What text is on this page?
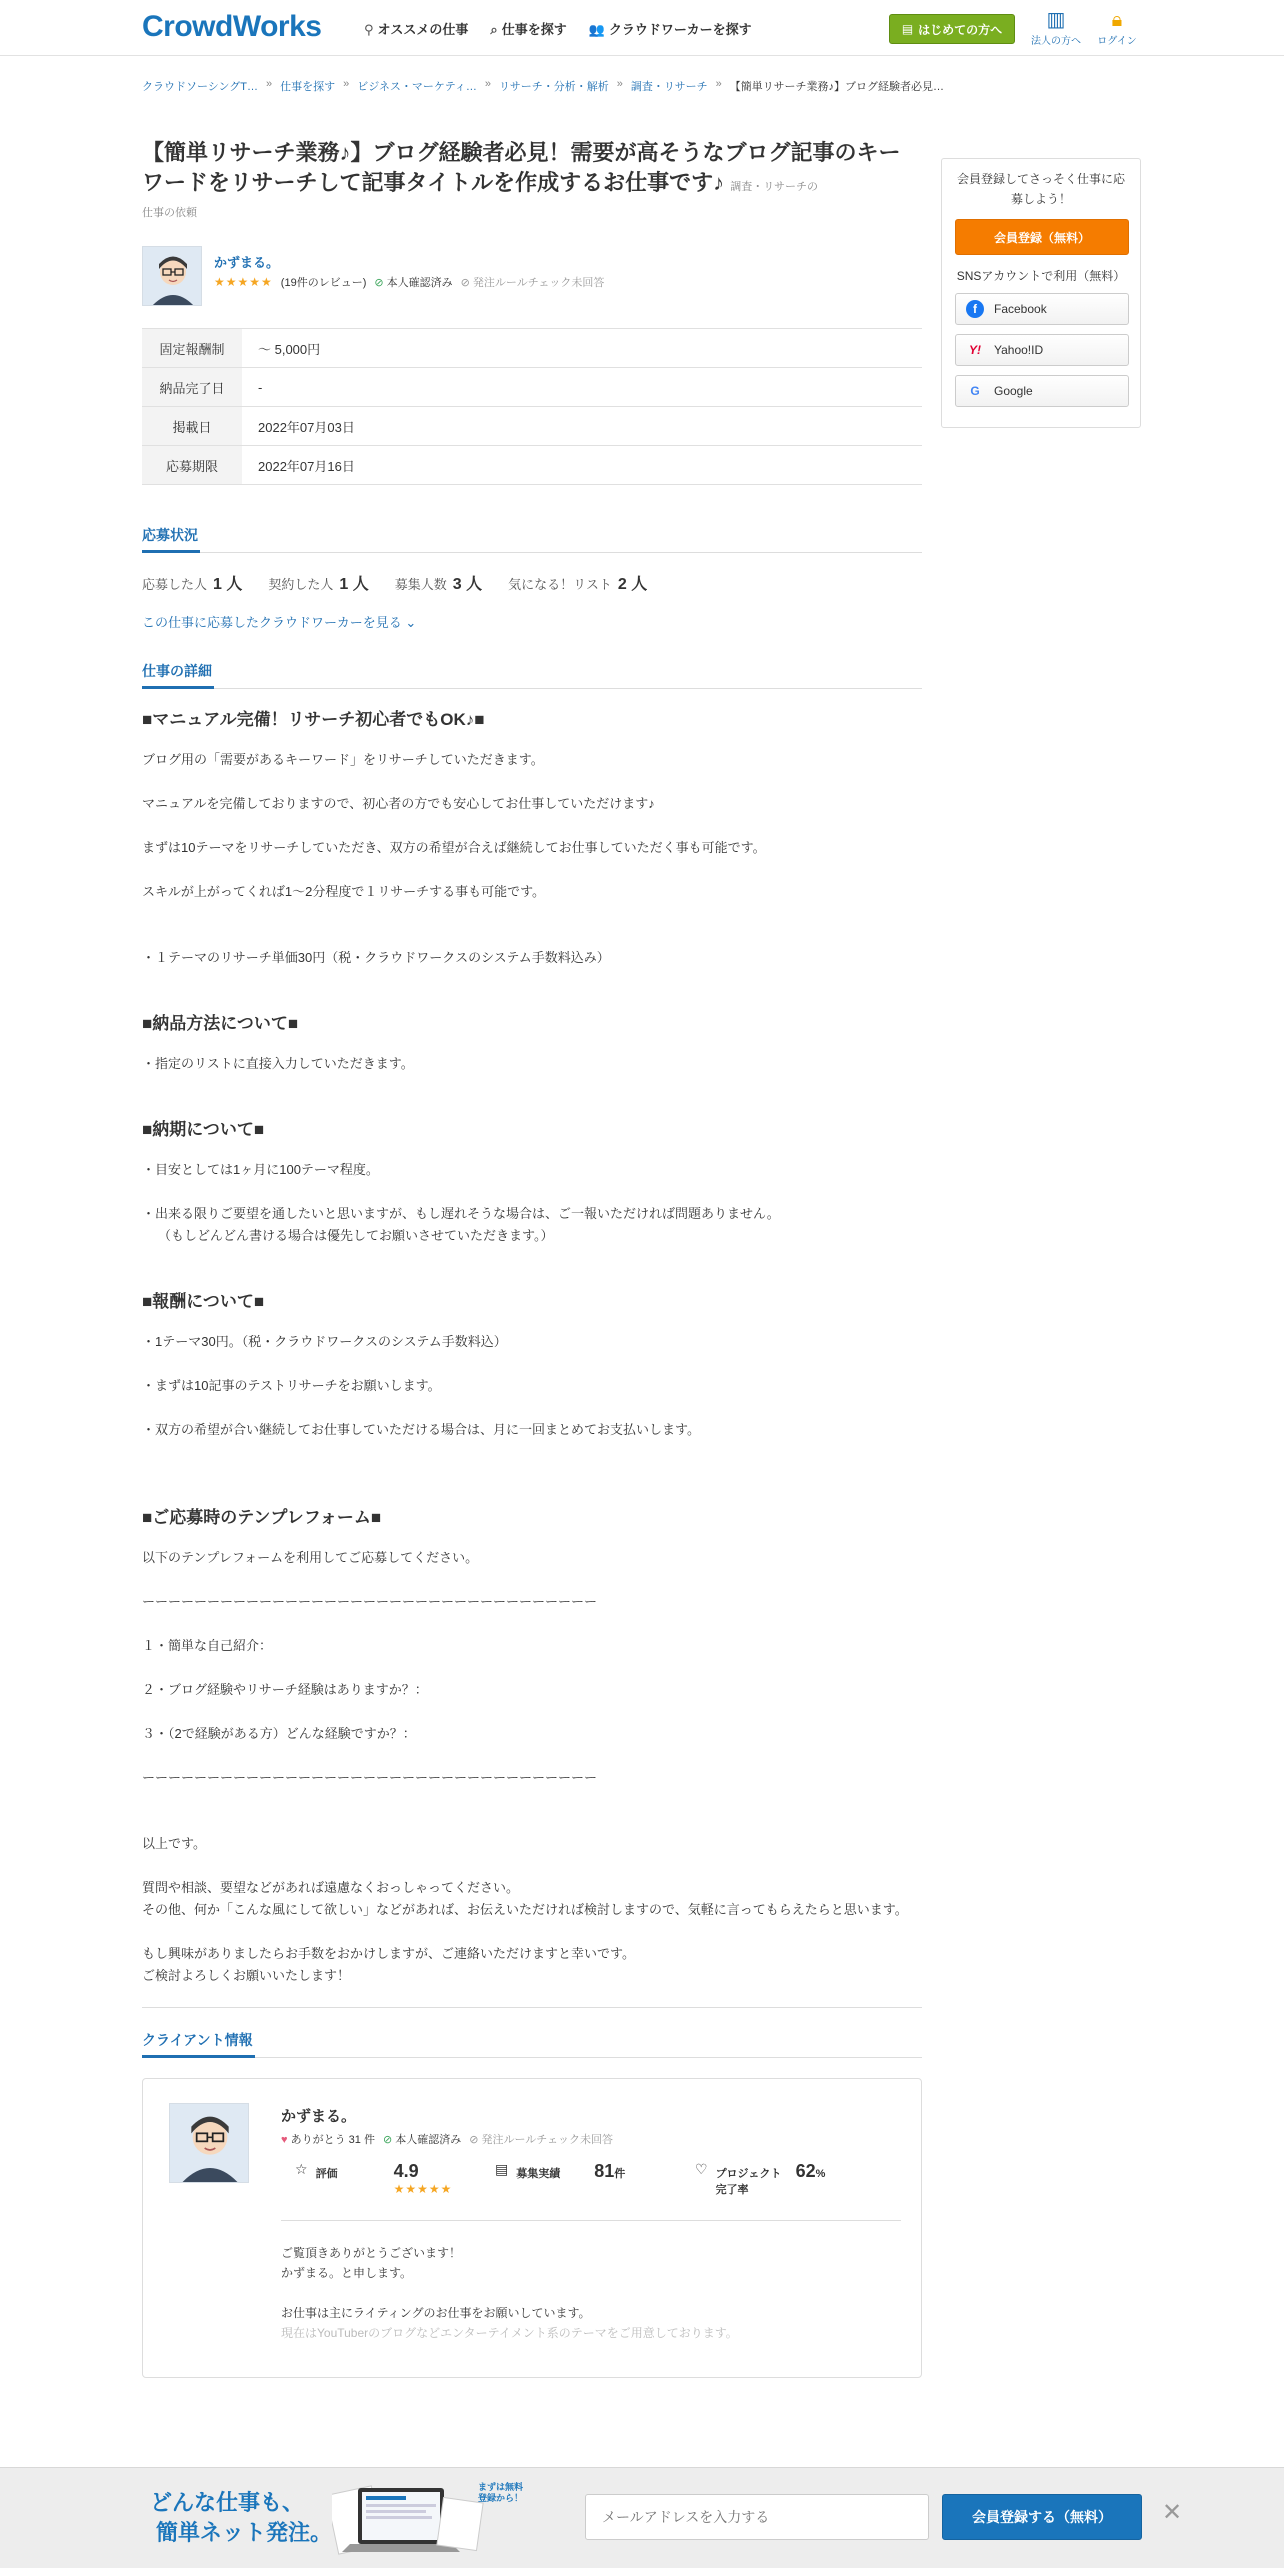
CrowdWorks	⚲ オススメの仕事 ⌕ 仕事を探す 👥 クラウドワーカーを探す	▤ はじめての方へ	▥
法人の方へ
🔒︎
ログイン
クラウドソーシングT… » 仕事を探す » ビジネス・マーケティ… » リサーチ・分析・解析 » 調査・リサーチ » 【簡単リサーチ業務♪】ブログ経験者必見…
【簡単リサーチ業務♪】ブログ経験者必見！需要が高そうなブログ記事のキーワードをリサーチして記事タイトルを作成するお仕事です♪ 調査・リサーチの
仕事の依頼
かずまる。
★★★★★ (19件のレビュー) ⊘ 本人確認済み ⊘ 発注ルールチェック未回答
固定報酬制	〜 5,000円
納品完了日	-
掲載日	2022年07月03日
応募期限	2022年07月16日
応募状況
応募した人 1 人 契約した人 1 人 募集人数 3 人 気になる！リスト 2 人
この仕事に応募したクラウドワーカーを見る ⌄
仕事の詳細
■マニュアル完備！リサーチ初心者でもOK♪■

ブログ用の「需要があるキーワード」をリサーチしていただきます。

マニュアルを完備しておりますので、初心者の方でも安心してお仕事していただけます♪

まずは10テーマをリサーチしていただき、双方の希望が合えば継続してお仕事していただく事も可能です。

スキルが上がってくれば1〜2分程度で１リサーチする事も可能です。

・１テーマのリサーチ単価30円（税・クラウドワークスのシステム手数料込み）

■納品方法について■

・指定のリストに直接入力していただきます。

■納期について■

・目安としては1ヶ月に100テーマ程度。

・出来る限りご要望を通したいと思いますが、もし遅れそうな場合は、ご一報いただければ問題ありません。

（もしどんどん書ける場合は優先してお願いさせていただきます。）

■報酬について■

・1テーマ30円。（税・クラウドワークスのシステム手数料込）

・まずは10記事のテストリサーチをお願いします。

・双方の希望が合い継続してお仕事していただける場合は、月に一回まとめてお支払いします。

■ご応募時のテンプレフォーム■

以下のテンプレフォームを利用してご応募してください。

ーーーーーーーーーーーーーーーーーーーーーーーーーーーーーーーーーーー

１・簡単な自己紹介：

２・ブログ経験やリサーチ経験はありますか？：

３・（2で経験がある方）どんな経験ですか？：

ーーーーーーーーーーーーーーーーーーーーーーーーーーーーーーーーーーー

以上です。

質問や相談、要望などがあれば遠慮なくおっしゃってください。

その他、何か「こんな風にして欲しい」などがあれば、お伝えいただければ検討しますので、気軽に言ってもらえたらと思います。

もし興味がありましたらお手数をおかけしますが、ご連絡いただけますと幸いです。

ご検討よろしくお願いいたします！

クライアント情報
かずまる。
♥ ありがとう 31 件 ⊘ 本人確認済み ⊘ 発注ルールチェック未回答
☆ 評価	4.9
★★★★★
▤ 募集実績	81件	♡ プロジェクト完了率
62%

ご覧頂きありがとうございます！

かずまる。と申します。

お仕事は主にライティングのお仕事をお願いしています。

現在はYouTuberのブログなどエンターテイメント系のテーマをご用意しております。

会員登録してさっそく仕事に応募しよう！
会員登録（無料）
SNSアカウントで利用（無料）
f	Facebook
Y! Yahoo!ID
G	Google
どんな仕事も、
簡単ネット発注。
まずは無料登録から！
メールアドレスを入力する
会員登録する（無料）	✕
